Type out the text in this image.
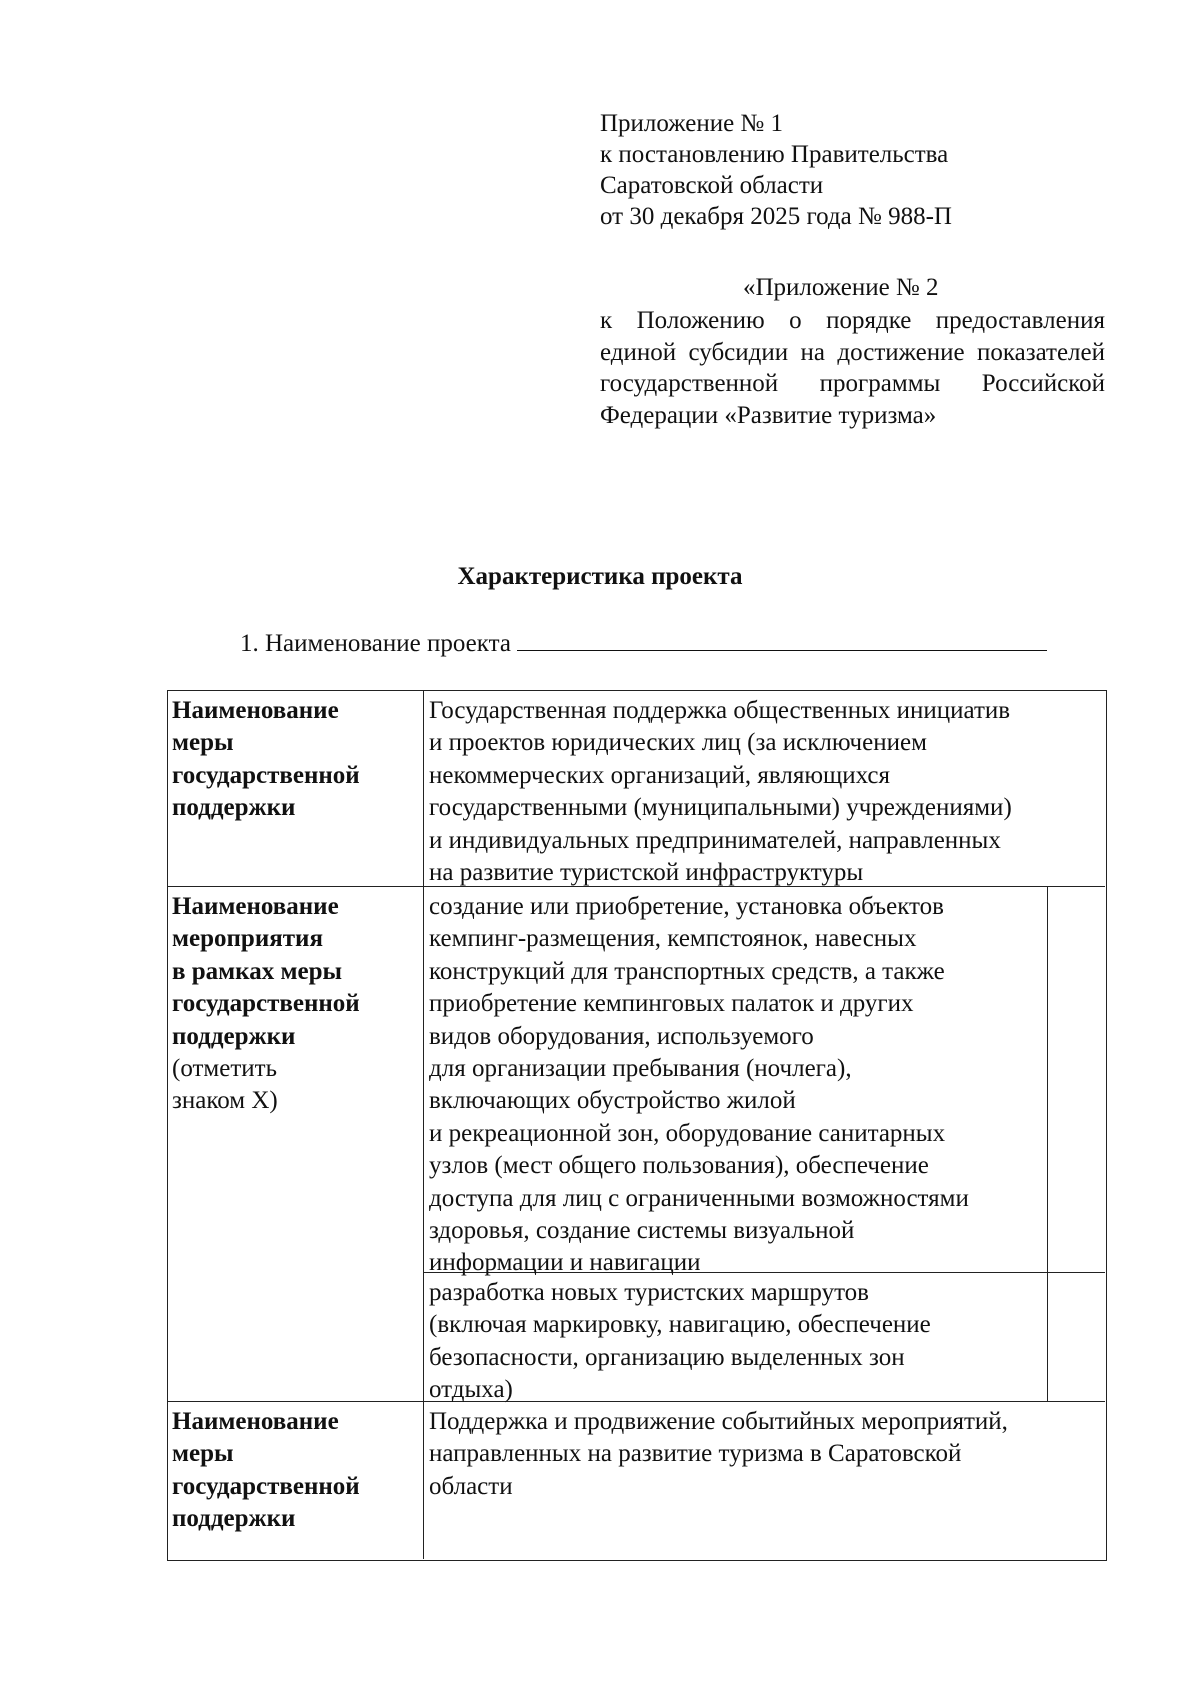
Приложение № 1
к постановлению Правительства
Саратовской области
от 30 декабря 2025 года № 988-П
«Приложение № 2
к Положению о порядке предоставления
единой субсидии на достижение показателей
государственной программы Российской
Федерации «Развитие туризма»
Характеристика проекта
1. Наименование проекта
Наименование
меры
государственной
поддержки
Государственная поддержка общественных инициатив
и проектов юридических лиц (за исключением
некоммерческих организаций, являющихся
государственными (муниципальными) учреждениями)
и индивидуальных предпринимателей, направленных
на развитие туристской инфраструктуры
Наименование
мероприятия
в рамках меры
государственной
поддержки
(отметить
знаком Х)
создание или приобретение, установка объектов
кемпинг-размещения, кемпстоянок, навесных
конструкций для транспортных средств, а также
приобретение кемпинговых палаток и других
видов оборудования, используемого
для организации пребывания (ночлега),
включающих обустройство жилой
и рекреационной зон, оборудование санитарных
узлов (мест общего пользования), обеспечение
доступа для лиц с ограниченными возможностями
здоровья, создание системы визуальной
информации и навигации
разработка новых туристских маршрутов
(включая маркировку, навигацию, обеспечение
безопасности, организацию выделенных зон
отдыха)
Наименование
меры
государственной
поддержки
Поддержка и продвижение событийных мероприятий,
направленных на развитие туризма в Саратовской
области
